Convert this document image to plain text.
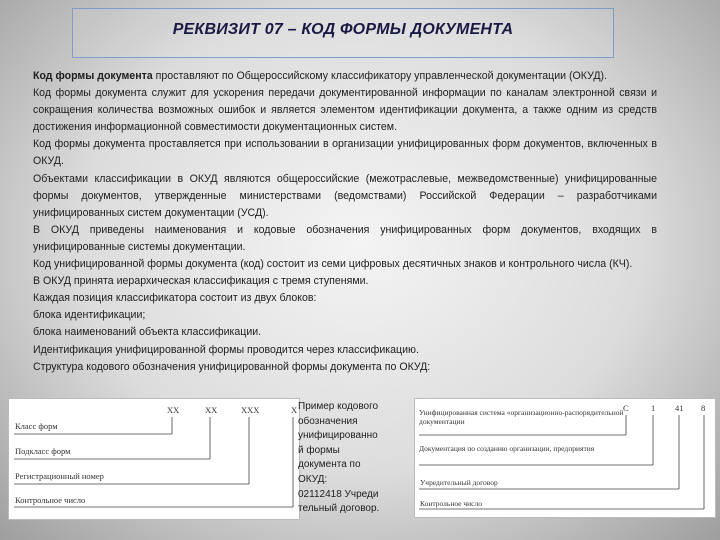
РЕКВИЗИТ 07 – КОД ФОРМЫ ДОКУМЕНТА

Код формы документа проставляют по Общероссийскому классификатору управленческой документации (ОКУД).

Код формы документа служит для ускорения передачи документированной информации по каналам электронной связи и сокращения количества возможных ошибок и является элементом идентификации документа, а также одним из средств достижения информационной совместимости документационных систем.

Код формы документа проставляется при использовании в организации унифицированных форм документов, включенных в ОКУД.

Объектами классификации в ОКУД являются общероссийские (межотраслевые, межведомственные) унифицированные формы документов, утвержденные министерствами (ведомствами) Российской Федерации – разработчиками унифицированных систем документации (УСД).

В ОКУД приведены наименования и кодовые обозначения унифицированных форм документов, входящих в унифицированные системы документации.

Код унифицированной формы документа (код) состоит из семи цифровых десятичных знаков и контрольного числа (КЧ).

В ОКУД принята иерархическая классификация с тремя ступенями.

Каждая позиция классификатора состоит из двух блоков:

блока идентификации;

блока наименований объекта классификации.

Идентификация унифицированной формы проводится через классификацию.

Структура кодового обозначения унифицированной формы документа по ОКУД:

XX	XX	XXX	X
Класс форм
Подкласс форм
Регистрационный номер
Контрольное число
Пример кодового
обозначения
унифицированно
й формы
документа по
ОКУД:
02112418 Учреди
тельный договор.
С	1 41 8
Унифицированная система «организационно-распорядительной документации
Документация по созданию организации, предприятия
Учредительный договор
Контрольное число
